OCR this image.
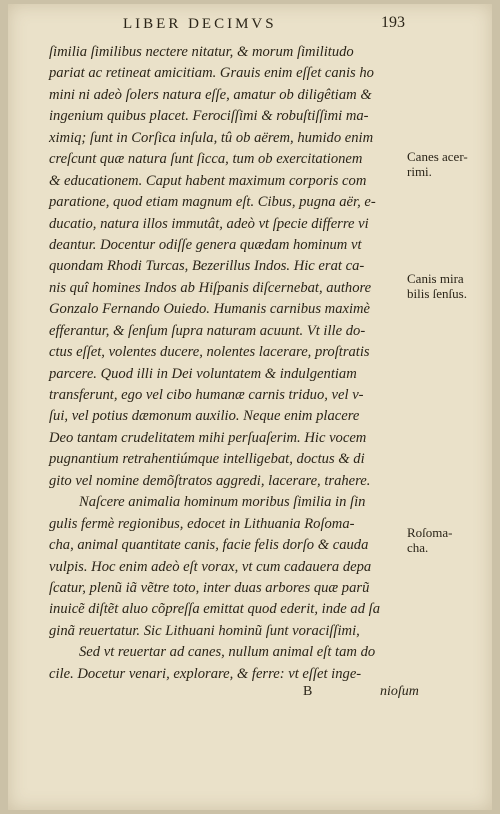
LIBER DECIMVS	193
ſimilia ſimilibus nectere nitatur, & morum ſimilitudo
pariat ac retineat amicitiam. Grauis enim eſſet canis ho
mini ni adeò ſolers natura eſſe, amatur ob diligêtiam &
ingenium quibus placet. Ferociſſimi & robuſtiſſimi ma-
ximiq; ſunt in Corſica inſula, tû ob aërem, humido enim
creſcunt quæ natura ſunt ſicca, tum ob exercitationem
& educationem. Caput habent maximum corporis com
paratione, quod etiam magnum eſt. Cibus, pugna aër, e-
ducatio, natura illos immutât, adeò vt ſpecie differre vi
deantur. Docentur odiſſe genera quædam hominum vt
quondam Rhodi Turcas, Bezerillus Indos. Hic erat ca-
nis quî homines Indos ab Hiſpanis diſcernebat, authore
Gonzalo Fernando Ouiedo. Humanis carnibus maximè
efferantur, & ſenſum ſupra naturam acuunt. Vt ille do-
ctus eſſet, volentes ducere, nolentes lacerare, proſtratis
parcere. Quod illi in Dei voluntatem & indulgentiam
transferunt, ego vel cibo humanæ carnis triduo, vel v-
ſui, vel potius dæmonum auxilio. Neque enim placere
Deo tantam crudelitatem mihi perſuaſerim. Hic vocem
pugnantium retrahentiúmque intelligebat, doctus & di
gito vel nomine demõſtratos aggredi, lacerare, trahere.
Naſcere animalia hominum moribus ſimilia in ſin
gulis fermè regionibus, edocet in Lithuania Roſoma-
cha, animal quantitate canis, facie felis dorſo & cauda
vulpis. Hoc enim adeò eſt vorax, vt cum cadauera depa
ſcatur, plenũ iã vẽtre toto, inter duas arbores quæ parũ
inuicẽ diſtẽt aluo cõpreſſa emittat quod ederit, inde ad ſa
ginã reuertatur. Sic Lithuani hominũ ſunt voraciſſimi,
Sed vt reuertar ad canes, nullum animal eſt tam do
cile. Docetur venari, explorare, & ferre: vt eſſet inge-
Canes acer-
rimi.
Canis mira
bilis ſenſus.
Roſoma-
cha.
B	nioſum
